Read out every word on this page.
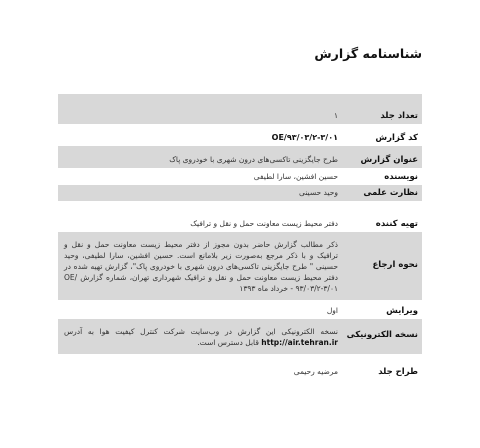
شناسنامه گزارش
تعداد جلد
۱
کد گزارش
OE/۹۳/۰۳/۲-۳/۰۱
عنوان گزارش
طرح جایگزینی تاکسی‌های درون شهری با خودروی پاک
نویسنده
حسین افشین، سارا لطیفی
نظارت علمی
وحید حسینی
تهیه کننده
دفتر محیط زیست معاونت حمل و نقل و ترافیک
نحوه ارجاع
ذکر مطالب گزارش حاضر بدون مجوز از دفتر محیط زیست معاونت حمل و نقل و ترافیک و با ذکر مرجع به‌صورت زیر بلامانع است. حسین افشین، سارا لطیفی، وحید حسینی " طرح جایگزینی تاکسی‌های درون شهری با خودروی پاک"، گزارش تهیه شده در دفتر محیط زیست معاونت حمل و نقل و ترافیک شهرداری تهران، شماره گزارش OE/۹۳/۰۳/۲-۳/۰۱ - خرداد ماه ۱۳۹۳
ویرایش
اول
نسخه الکترونیکی
نسخه الکترونیکی این گزارش در وب‌سایت شرکت کنترل کیفیت هوا به آدرس http://air.tehran.ir قابل دسترس است.
طراح جلد
مرضیه رحیمی
